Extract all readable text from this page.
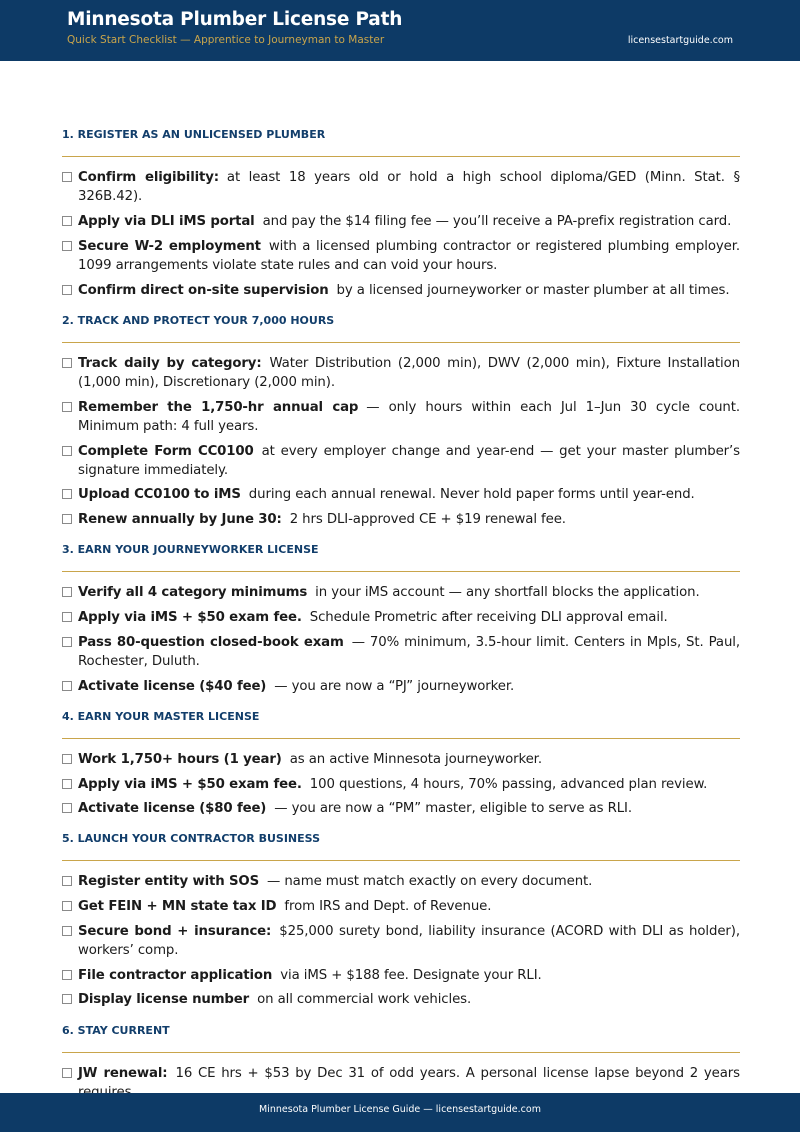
Minnesota Plumber License Path
Quick Start Checklist — Apprentice to Journeyman to Master	licensestartguide.com
1. REGISTER AS AN UNLICENSED PLUMBER
Confirm eligibility: at least 18 years old or hold a high school diploma/GED (Minn. Stat. § 326B.42).
Apply via DLI iMS portal and pay the $14 filing fee — you’ll receive a PA-prefix registration card.
Secure W-2 employment with a licensed plumbing contractor or registered plumbing employer. 1099 arrangements violate state rules and can void your hours.
Confirm direct on-site supervision by a licensed journeyworker or master plumber at all times.
2. TRACK AND PROTECT YOUR 7,000 HOURS
Track daily by category: Water Distribution (2,000 min), DWV (2,000 min), Fixture Installation (1,000 min), Discretionary (2,000 min).
Remember the 1,750-hr annual cap — only hours within each Jul 1–Jun 30 cycle count. Minimum path: 4 full years.
Complete Form CC0100 at every employer change and year-end — get your master plumber’s signature immediately.
Upload CC0100 to iMS during each annual renewal. Never hold paper forms until year-end.
Renew annually by June 30: 2 hrs DLI-approved CE + $19 renewal fee.
3. EARN YOUR JOURNEYWORKER LICENSE
Verify all 4 category minimums in your iMS account — any shortfall blocks the application.
Apply via iMS + $50 exam fee. Schedule Prometric after receiving DLI approval email.
Pass 80-question closed-book exam — 70% minimum, 3.5-hour limit. Centers in Mpls, St. Paul, Rochester, Duluth.
Activate license ($40 fee) — you are now a “PJ” journeyworker.
4. EARN YOUR MASTER LICENSE
Work 1,750+ hours (1 year) as an active Minnesota journeyworker.
Apply via iMS + $50 exam fee. 100 questions, 4 hours, 70% passing, advanced plan review.
Activate license ($80 fee) — you are now a “PM” master, eligible to serve as RLI.
5. LAUNCH YOUR CONTRACTOR BUSINESS
Register entity with SOS — name must match exactly on every document.
Get FEIN + MN state tax ID from IRS and Dept. of Revenue.
Secure bond + insurance: $25,000 surety bond, liability insurance (ACORD with DLI as holder), workers’ comp.
File contractor application via iMS + $188 fee. Designate your RLI.
Display license number on all commercial work vehicles.
6. STAY CURRENT
JW renewal: 16 CE hrs + $53 by Dec 31 of odd years. A personal license lapse beyond 2 years
Minnesota Plumber License Guide — licensestartguide.com
